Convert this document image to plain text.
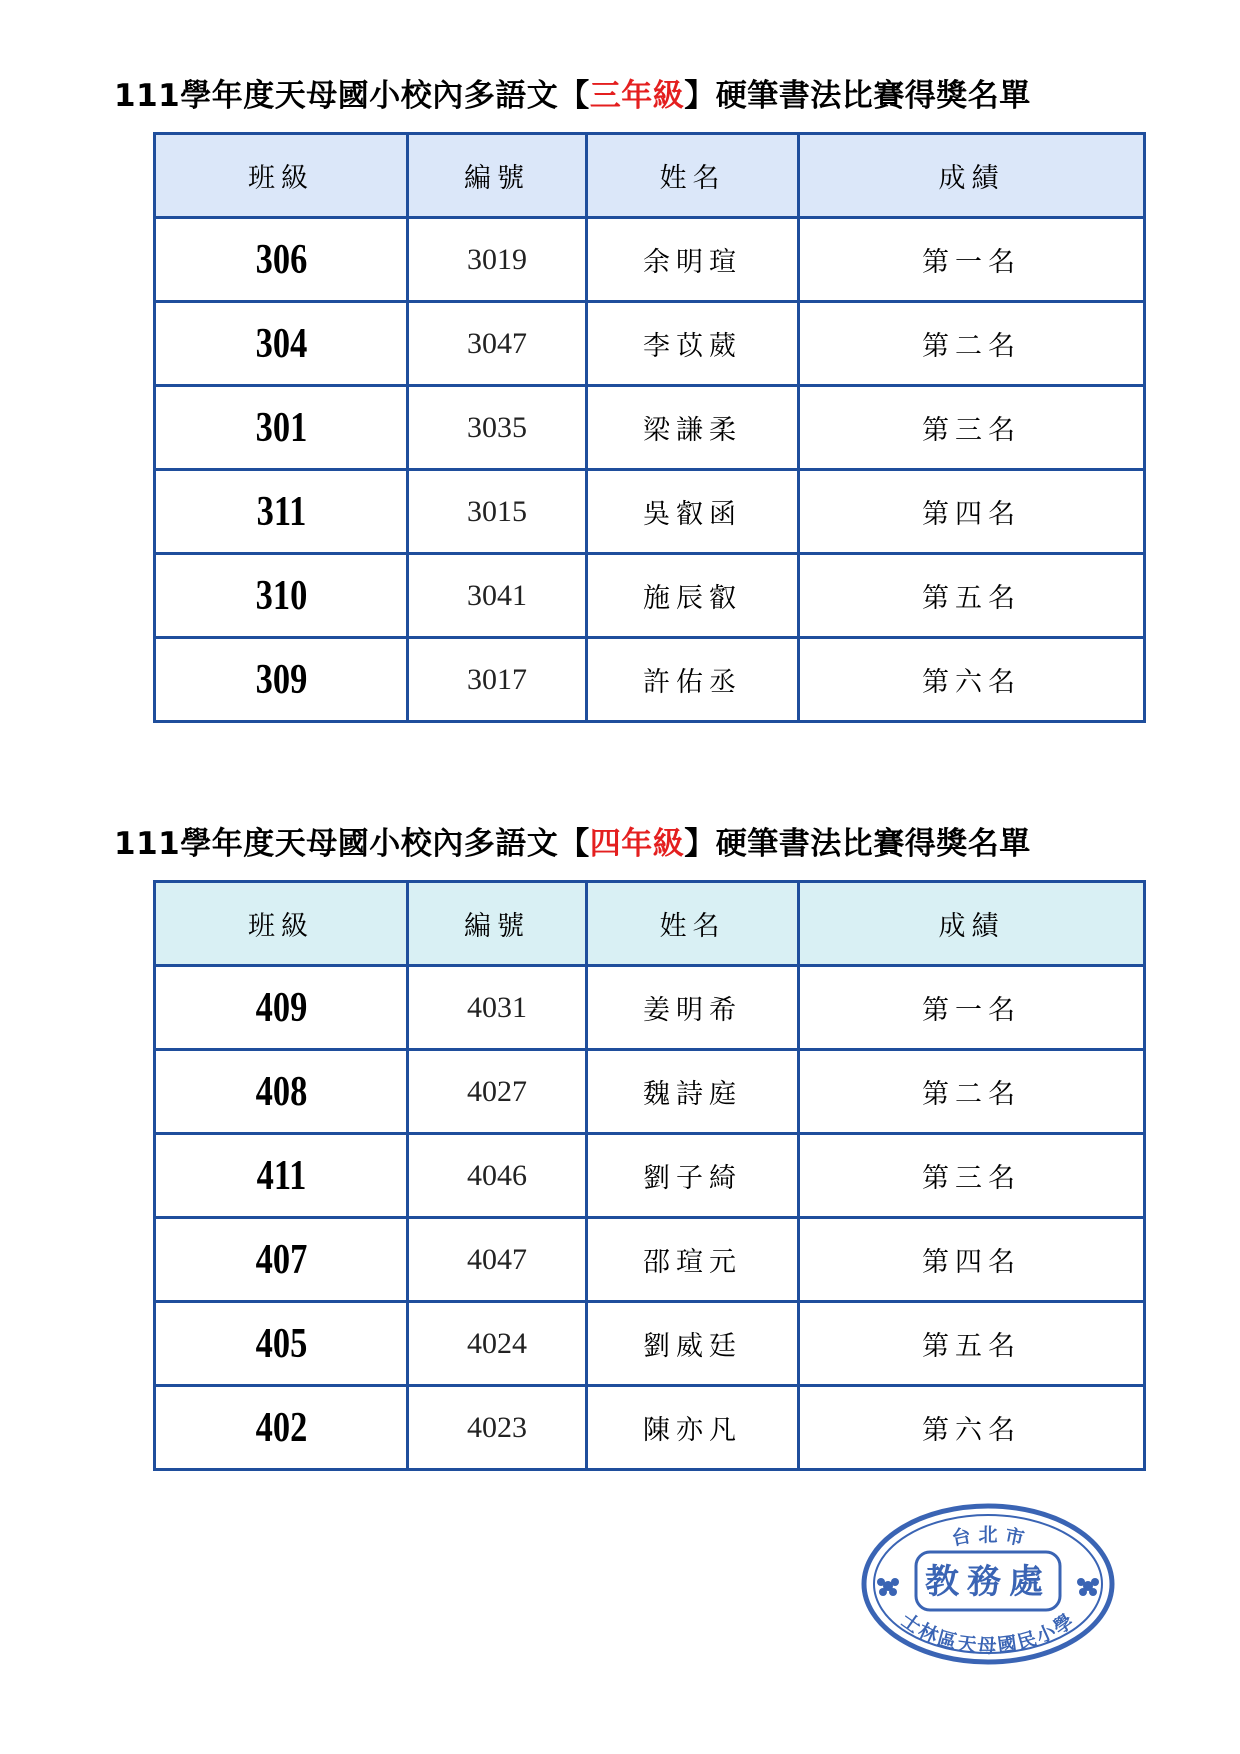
111學年度天母國小校內多語文【三年級】硬筆書法比賽得獎名單
班級	編號	姓名	成績
306	3019	余明瑄	第一名
304	3047	李苡葳	第二名
301	3035	梁謙柔	第三名
311	3015	吳叡函	第四名
310	3041	施辰叡	第五名
309	3017	許佑丞	第六名
111學年度天母國小校內多語文【四年級】硬筆書法比賽得獎名單
班級	編號	姓名	成績
409	4031	姜明希	第一名
408	4027	魏詩庭	第二名
411	4046	劉子綺	第三名
407	4047	邵瑄元	第四名
405	4024	劉威廷	第五名
402	4023	陳亦凡	第六名
台 北 市
教務處
士林區天母國民小學
